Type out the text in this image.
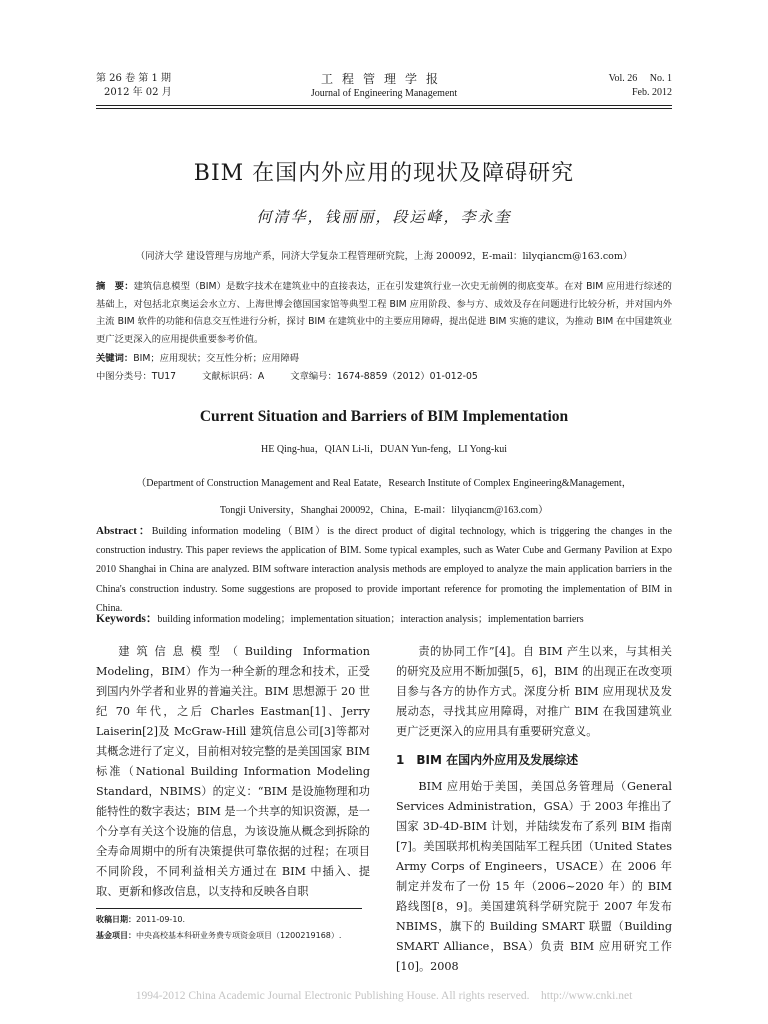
第 26 卷 第 1 期
2012 年 02 月
工程管理学报
Journal of Engineering Management
Vol. 26     No. 1
Feb. 2012
BIM 在国内外应用的现状及障碍研究
何清华，钱丽丽，段运峰，李永奎
（同济大学 建设管理与房地产系，同济大学复杂工程管理研究院，上海 200092，E-mail：lilyqiancm@163.com）
摘　要：建筑信息模型（BIM）是数字技术在建筑业中的直接表达，正在引发建筑行业一次史无前例的彻底变革。在对 BIM 应用进行综述的基础上，对包括北京奥运会水立方、上海世博会德国国家馆等典型工程 BIM 应用阶段、参与方、成效及存在问题进行比较分析，并对国内外主流 BIM 软件的功能和信息交互性进行分析，探讨 BIM 在建筑业中的主要应用障碍，提出促进 BIM 实施的建议，为推动 BIM 在中国建筑业更广泛更深入的应用提供重要参考价值。
关键词：BIM；应用现状；交互性分析；应用障碍
中图分类号：TU17	文献标识码：A	文章编号：1674-8859（2012）01-012-05
Current Situation and Barriers of BIM Implementation
HE Qing-hua，QIAN Li-li，DUAN Yun-feng，LI Yong-kui
（Department of Construction Management and Real Eatate，Research Institute of Complex Engineering&Management，
Tongji University，Shanghai 200092，China，E-mail：lilyqiancm@163.com）
Abstract：Building information modeling（BIM）is the direct product of digital technology, which is triggering the changes in the construction industry. This paper reviews the application of BIM. Some typical examples, such as Water Cube and Germany Pavilion at Expo 2010 Shanghai in China are analyzed. BIM software interaction analysis methods are employed to analyze the main application barriers in the China's construction industry. Some suggestions are proposed to provide important reference for promoting the implementation of BIM in China.
Keywords：building information modeling；implementation situation；interaction analysis；implementation barriers

建筑信息模型（Building Information Modeling，BIM）作为一种全新的理念和技术，正受到国内外学者和业界的普遍关注。BIM 思想源于 20 世纪 70 年代，之后 Charles Eastman[1]、Jerry Laiserin[2]及 McGraw-Hill 建筑信息公司[3]等都对其概念进行了定义，目前相对较完整的是美国国家 BIM 标准（National Building Information Modeling Standard，NBIMS）的定义：“BIM 是设施物理和功能特性的数字表达；BIM 是一个共享的知识资源，是一个分享有关这个设施的信息，为该设施从概念到拆除的全寿命周期中的所有决策提供可靠依据的过程；在项目不同阶段，不同利益相关方通过在 BIM 中插入、提取、更新和修改信息，以支持和反映各自职

责的协同工作”[4]。自 BIM 产生以来，与其相关的研究及应用不断加强[5，6]，BIM 的出现正在改变项目参与各方的协作方式。深度分析 BIM 应用现状及发展动态，寻找其应用障碍，对推广 BIM 在我国建筑业更广泛更深入的应用具有重要研究意义。

1　BIM 在国内外应用及发展综述

BIM 应用始于美国，美国总务管理局（General Services Administration，GSA）于 2003 年推出了国家 3D-4D-BIM 计划，并陆续发布了系列 BIM 指南[7]。美国联邦机构美国陆军工程兵团（United States Army Corps of Engineers，USACE）在 2006 年制定并发布了一份 15 年（2006~2020 年）的 BIM 路线图[8，9]。美国建筑科学研究院于 2007 年发布 NBIMS，旗下的 Building SMART 联盟（Building SMART Alliance，BSA）负责 BIM 应用研究工作[10]。2008

收稿日期：2011-09-10.
基金项目：中央高校基本科研业务费专项资金项目（1200219168）.
1994-2012 China Academic Journal Electronic Publishing House. All rights reserved.    http://www.cnki.net
